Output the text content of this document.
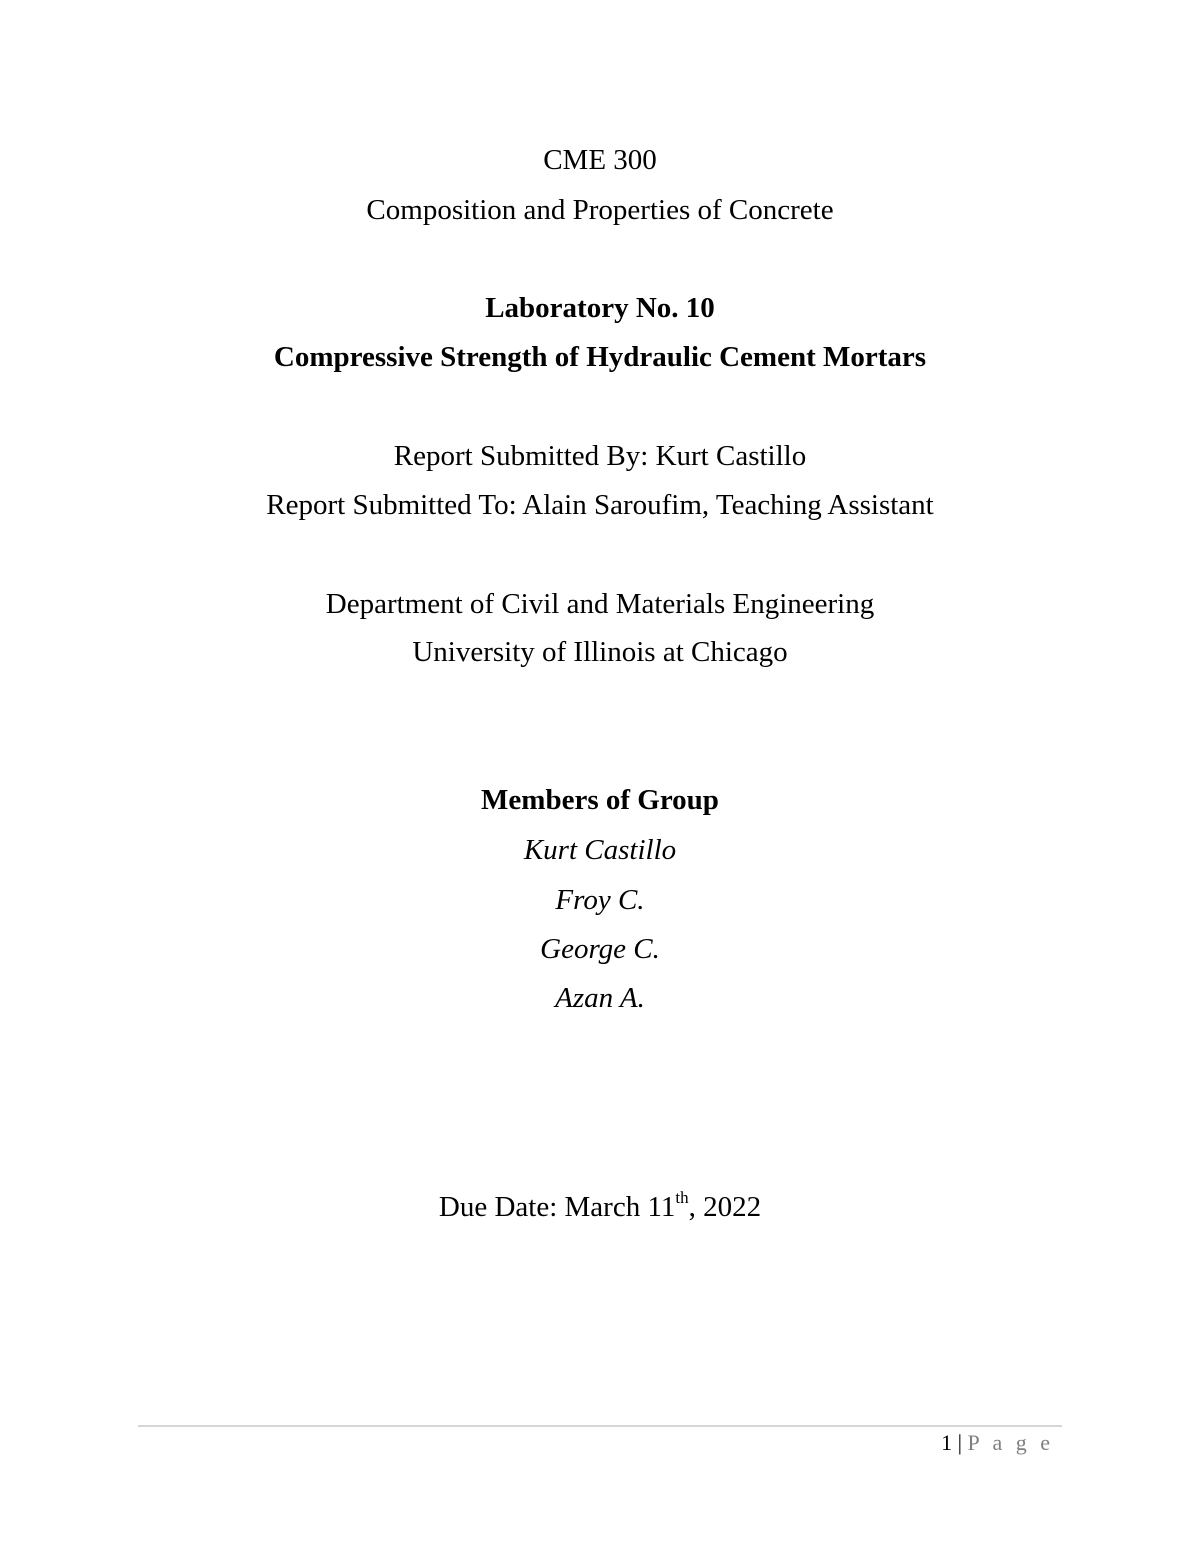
CME 300
Composition and Properties of Concrete
Laboratory No. 10
Compressive Strength of Hydraulic Cement Mortars
Report Submitted By: Kurt Castillo
Report Submitted To: Alain Saroufim, Teaching Assistant
Department of Civil and Materials Engineering
University of Illinois at Chicago
Members of Group
Kurt Castillo
Froy C.
George C.
Azan A.
Due Date: March 11th, 2022
1 | P a g e
